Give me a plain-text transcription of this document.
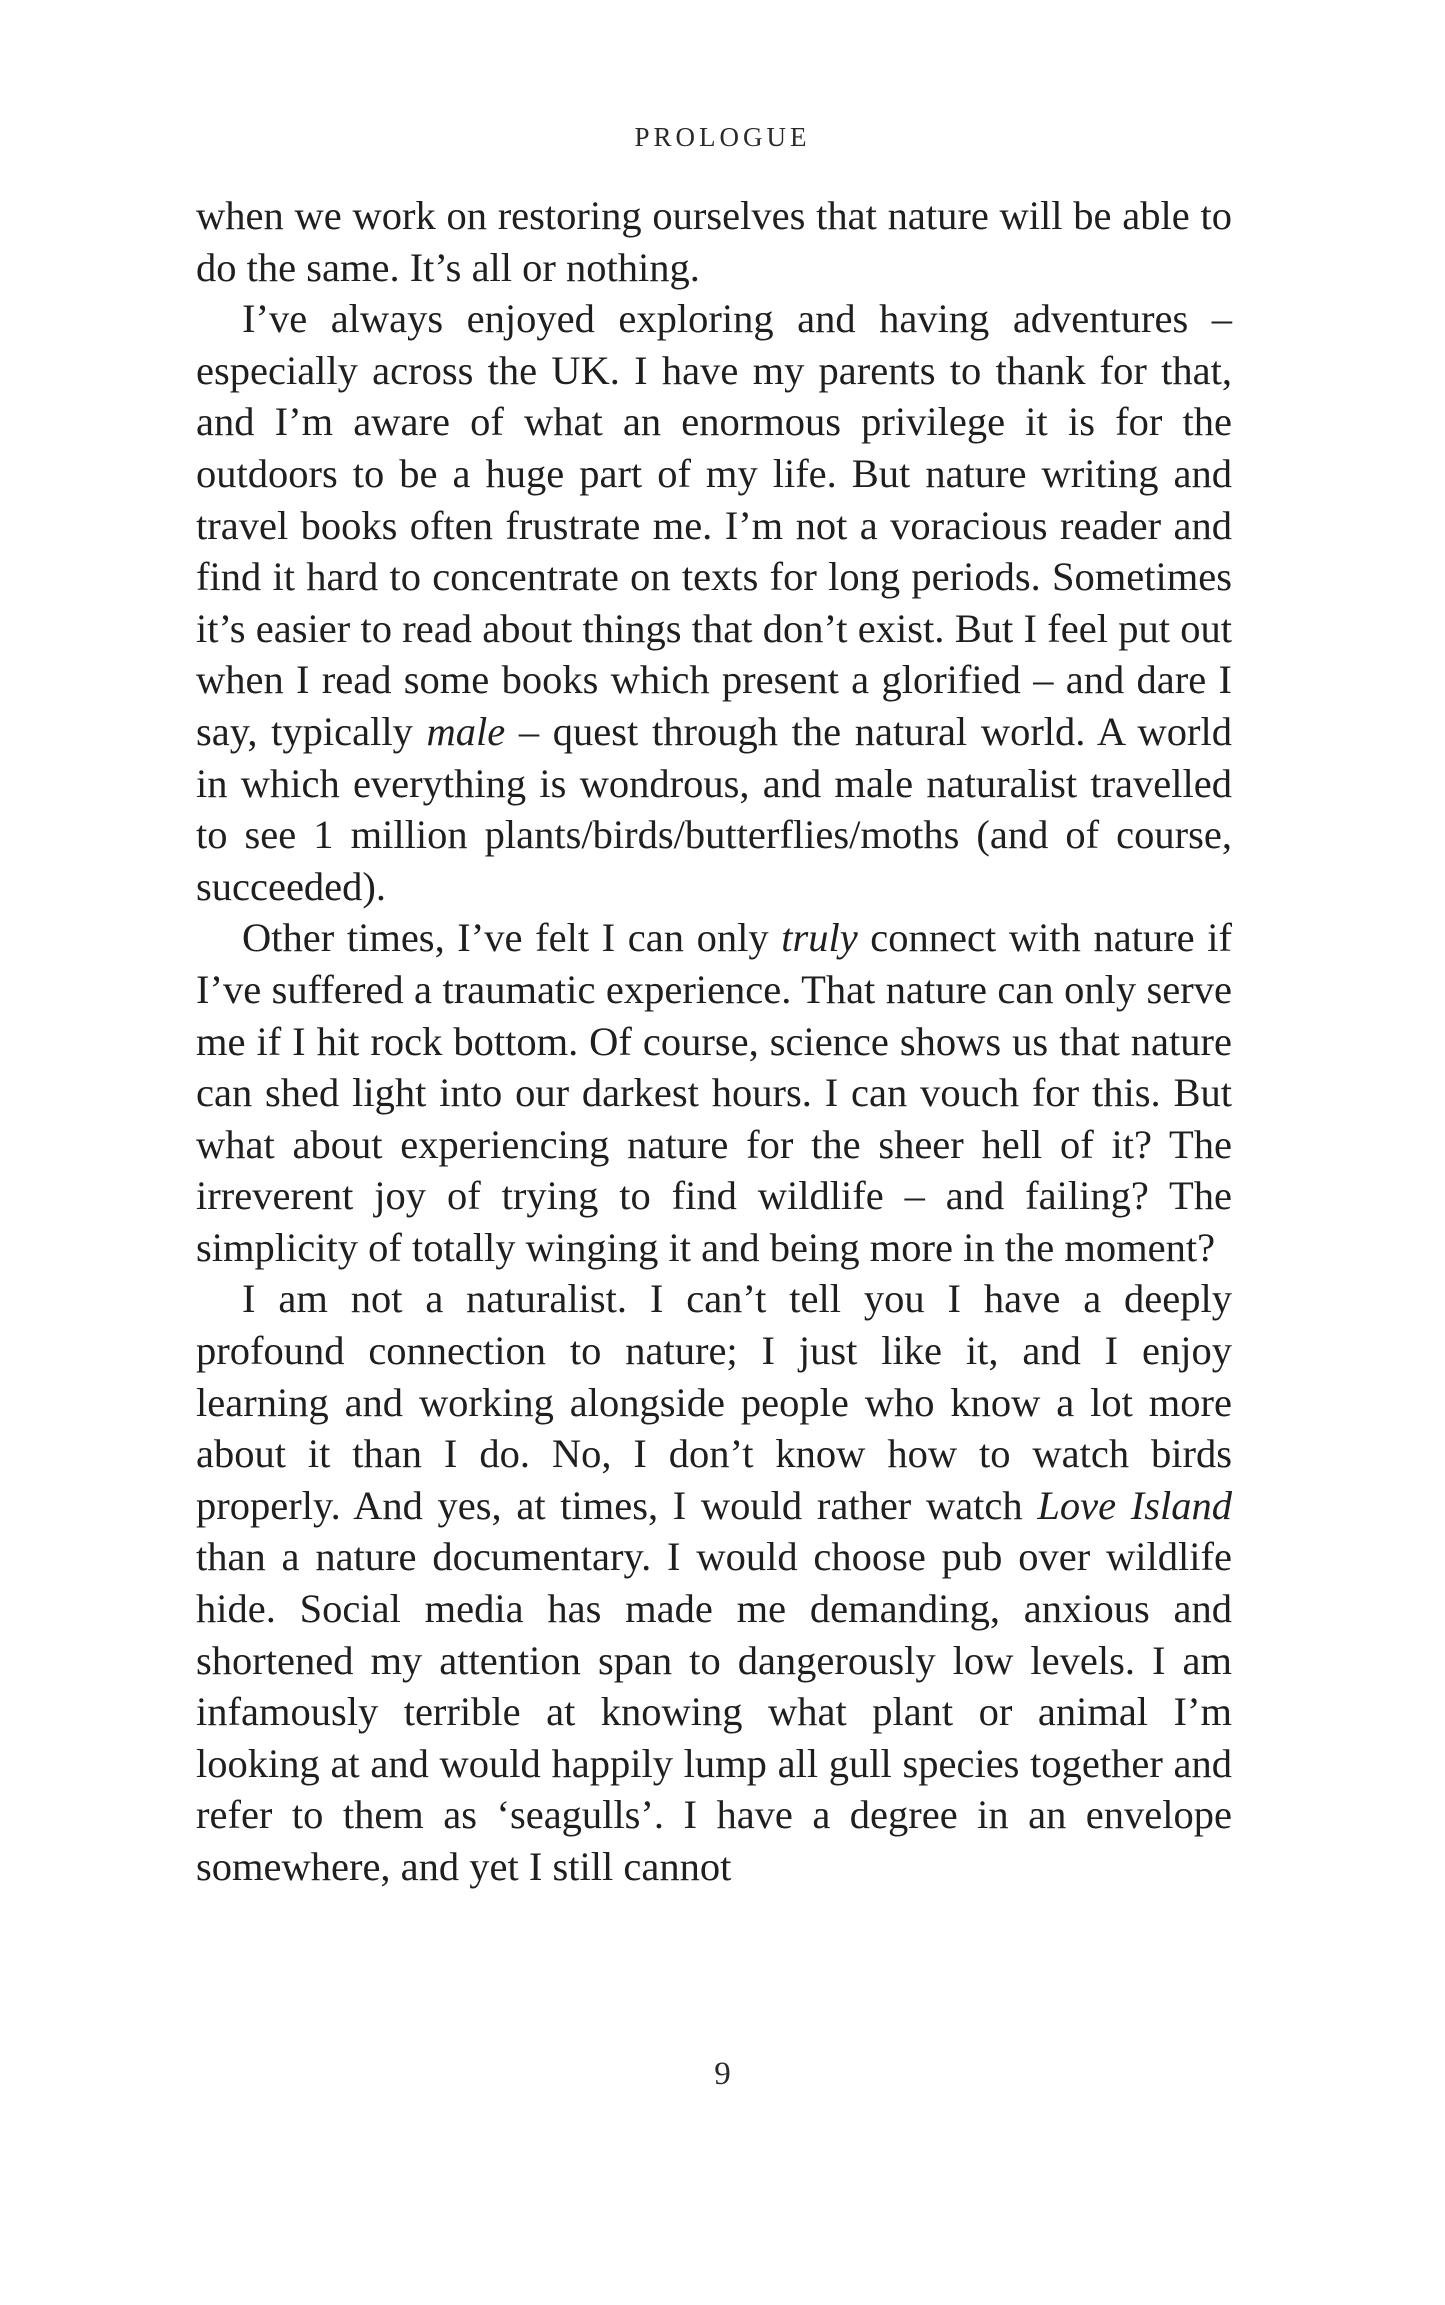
PROLOGUE

when we work on restoring ourselves that nature will be able to do the same. It’s all or nothing.

I’ve always enjoyed exploring and having adventures – especially across the UK. I have my parents to thank for that, and I’m aware of what an enormous privilege it is for the outdoors to be a huge part of my life. But nature writing and travel books often frustrate me. I’m not a voracious reader and find it hard to concentrate on texts for long periods. Sometimes it’s easier to read about things that don’t exist. But I feel put out when I read some books which present a glorified – and dare I say, typically male – quest through the natural world. A world in which everything is wondrous, and male naturalist travelled to see 1 million plants/birds/butterflies/moths (and of course, succeeded).

Other times, I’ve felt I can only truly connect with nature if I’ve suffered a traumatic experience. That nature can only serve me if I hit rock bottom. Of course, science shows us that nature can shed light into our darkest hours. I can vouch for this. But what about experiencing nature for the sheer hell of it? The irreverent joy of trying to find wildlife – and failing? The simplicity of totally winging it and being more in the moment?

I am not a naturalist. I can’t tell you I have a deeply profound connection to nature; I just like it, and I enjoy learning and working alongside people who know a lot more about it than I do. No, I don’t know how to watch birds properly. And yes, at times, I would rather watch Love Island than a nature documentary. I would choose pub over wildlife hide. Social media has made me demanding, anxious and shortened my attention span to dangerously low levels. I am infamously terrible at knowing what plant or animal I’m looking at and would happily lump all gull species together and refer to them as ‘seagulls’. I have a degree in an envelope somewhere, and yet I still cannot

9
